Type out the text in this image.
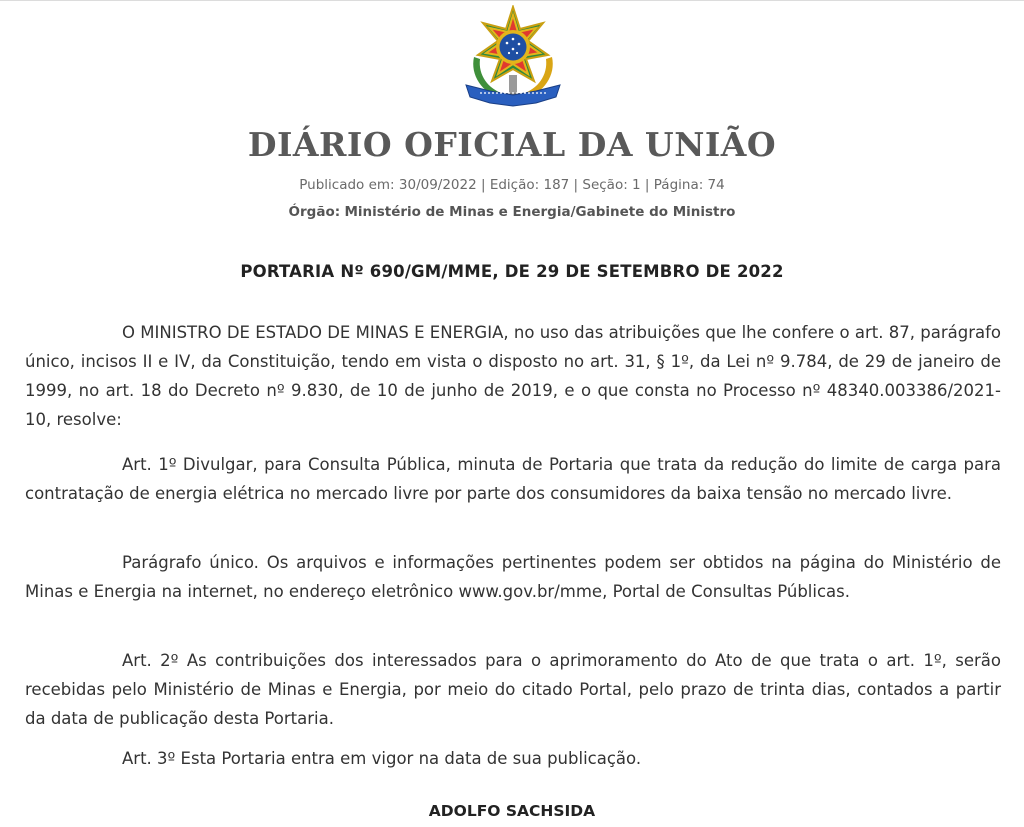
DIÁRIO OFICIAL DA UNIÃO
Publicado em: 30/09/2022 | Edição: 187 | Seção: 1 | Página: 74
Órgão: Ministério de Minas e Energia/Gabinete do Ministro
PORTARIA Nº 690/GM/MME, DE 29 DE SETEMBRO DE 2022

O MINISTRO DE ESTADO DE MINAS E ENERGIA, no uso das atribuições que lhe confere o art. 87, parágrafo único, incisos II e IV, da Constituição, tendo em vista o disposto no art. 31, § 1º, da Lei nº 9.784, de 29 de janeiro de 1999, no art. 18 do Decreto nº 9.830, de 10 de junho de 2019, e o que consta no Processo nº 48340.003386/2021-10, resolve:

Art. 1º Divulgar, para Consulta Pública, minuta de Portaria que trata da redução do limite de carga para contratação de energia elétrica no mercado livre por parte dos consumidores da baixa tensão no mercado livre.

Parágrafo único. Os arquivos e informações pertinentes podem ser obtidos na página do Ministério de Minas e Energia na internet, no endereço eletrônico www.gov.br/mme, Portal de Consultas Públicas.

Art. 2º As contribuições dos interessados para o aprimoramento do Ato de que trata o art. 1º, serão recebidas pelo Ministério de Minas e Energia, por meio do citado Portal, pelo prazo de trinta dias, contados a partir da data de publicação desta Portaria.

Art. 3º Esta Portaria entra em vigor na data de sua publicação.

ADOLFO SACHSIDA
